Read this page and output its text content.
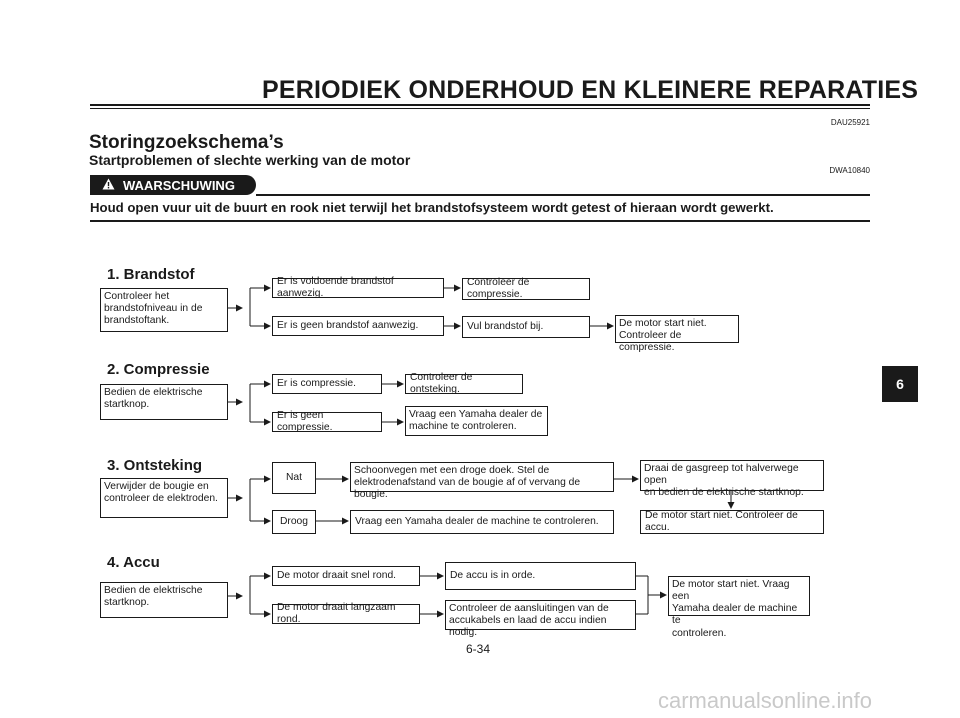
PERIODIEK ONDERHOUD EN KLEINERE REPARATIES
DAU25921
Storingzoekschema’s
Startproblemen of slechte werking van de motor
DWA10840
WAARSCHUWING
Houd open vuur uit de buurt en rook niet terwijl het brandstofsysteem wordt getest of hieraan wordt gewerkt.
1. Brandstof
Controleer het
brandstofniveau in de
brandstoftank.
Er is voldoende brandstof aanwezig.
Controleer de compressie.
Er is geen brandstof aanwezig.	Vul brandstof bij.	De motor start niet.
Controleer de compressie.
2. Compressie
Bedien de elektrische
startknop.
Er is compressie.
Controleer de ontsteking.
Er is geen compressie.
Vraag een Yamaha dealer de
machine te controleren.
3. Ontsteking
Verwijder de bougie en
controleer de elektroden.
Nat
Schoonvegen met een droge doek. Stel de
elektrodenafstand van de bougie af of vervang de bougie.
Draai de gasgreep tot halverwege open
en bedien de elektrische startknop.
Droog	Vraag een Yamaha dealer de machine te controleren.
De motor start niet. Controleer de accu.
4. Accu
Bedien de elektrische
startknop.
De motor draait snel rond.	De accu is in orde.
De motor draait langzaam rond.
Controleer de aansluitingen van de
accukabels en laad de accu indien nodig.
De motor start niet. Vraag een
Yamaha dealer de machine te
controleren.
6
6-34
carmanualsonline.info
